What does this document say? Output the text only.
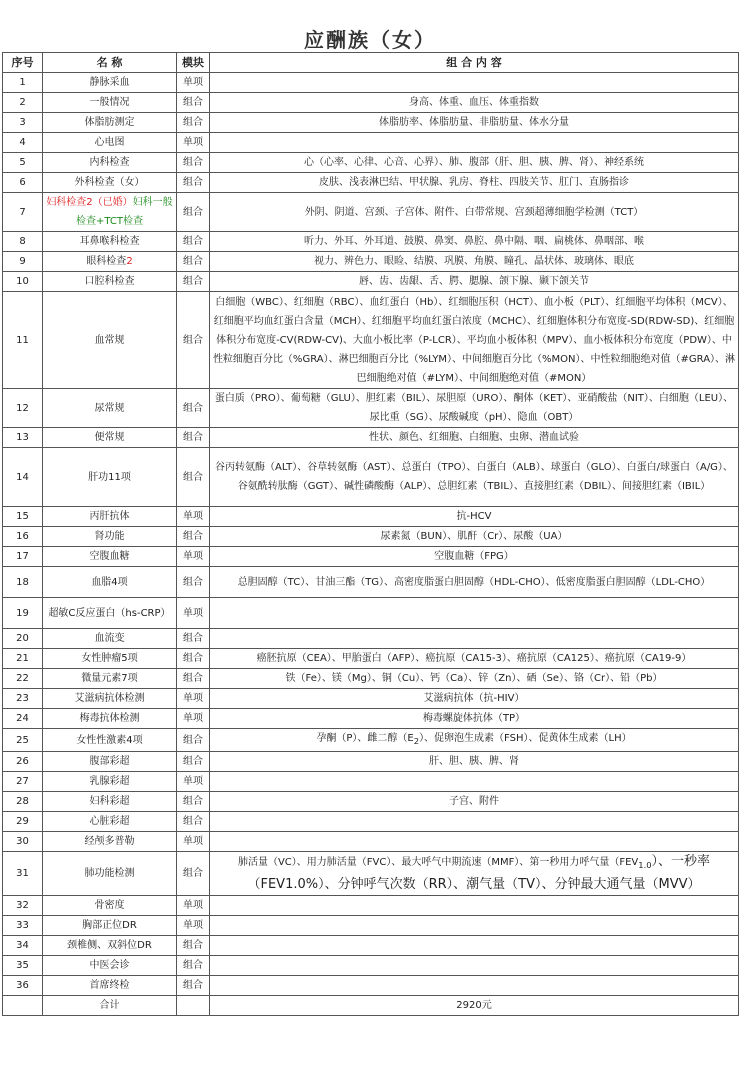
应酬族（女）
序号	名 称	模块	组 合 内 容
1	静脉采血	单项	
2	一般情况	组合	身高、体重、血压、体重指数
3	体脂肪测定	组合	体脂肪率、体脂肪量、非脂肪量、体水分量
4	心电图	单项	
5	内科检查	组合	心（心率、心律、心音、心界）、肺、腹部（肝、胆、胰、脾、肾）、神经系统
6	外科检查（女）	组合	皮肤、浅表淋巴结、甲状腺、乳房、脊柱、四肢关节、肛门、直肠指诊
7	妇科检查2（已婚）妇科一般检查+TCT检查	组合	外阴、阴道、宫颈、子宫体、附件、白带常规、宫颈超薄细胞学检测（TCT）
8	耳鼻喉科检查	组合	听力、外耳、外耳道、鼓膜、鼻窦、鼻腔、鼻中隔、咽、扁桃体、鼻咽部、喉
9	眼科检查2	组合	视力、辨色力、眼睑、结膜、巩膜、角膜、瞳孔、晶状体、玻璃体、眼底
10	口腔科检查	组合	唇、齿、齿龈、舌、腭、腮腺、颌下腺、颞下颌关节
11	血常规	组合	白细胞（WBC）、红细胞（RBC）、血红蛋白（Hb）、红细胞压积（HCT）、血小板（PLT）、红细胞平均体积（MCV）、红细胞平均血红蛋白含量（MCH）、红细胞平均血红蛋白浓度（MCHC）、红细胞体积分布宽度-SD(RDW-SD)、红细胞体积分布宽度-CV(RDW-CV)、大血小板比率（P-LCR）、平均血小板体积（MPV）、血小板体积分布宽度（PDW）、中性粒细胞百分比（%GRA）、淋巴细胞百分比（%LYM）、中间细胞百分比（%MON）、中性粒细胞绝对值（#GRA）、淋巴细胞绝对值（#LYM）、中间细胞绝对值（#MON）
12	尿常规	组合	蛋白质（PRO）、葡萄糖（GLU）、胆红素（BIL）、尿胆原（URO）、酮体（KET）、亚硝酸盐（NIT）、白细胞（LEU）、尿比重（SG）、尿酸碱度（pH）、隐血（OBT）
13	便常规	组合	性状、颜色、红细胞、白细胞、虫卵、潜血试验
14	肝功11项	组合	谷丙转氨酶（ALT）、谷草转氨酶（AST）、总蛋白（TPO）、白蛋白（ALB）、球蛋白（GLO）、白蛋白/球蛋白（A/G）、谷氨酰转肽酶（GGT）、碱性磷酸酶（ALP）、总胆红素（TBIL）、直接胆红素（DBIL）、间接胆红素（IBIL）
15	丙肝抗体	单项	抗-HCV
16	肾功能	组合	尿素氮（BUN）、肌酐（Cr）、尿酸（UA）
17	空腹血糖	单项	空腹血糖（FPG）
18	血脂4项	组合	总胆固醇（TC）、甘油三酯（TG）、高密度脂蛋白胆固醇（HDL-CHO）、低密度脂蛋白胆固醇（LDL-CHO）
19	超敏C反应蛋白（hs-CRP）	单项	
20	血流变	组合	
21	女性肿瘤5项	组合	癌胚抗原（CEA）、甲胎蛋白（AFP）、癌抗原（CA15-3）、癌抗原（CA125）、癌抗原（CA19-9）
22	微量元素7项	组合	铁（Fe）、镁（Mg）、铜（Cu）、钙（Ca）、锌（Zn）、硒（Se）、铬（Cr）、铅（Pb）
23	艾滋病抗体检测	单项	艾滋病抗体（抗-HIV）
24	梅毒抗体检测	单项	梅毒螺旋体抗体（TP）
25	女性性激素4项	组合	孕酮（P）、雌二醇$(E_2)$、促卵泡生成素（FSH）、促黄体生成素（LH）
26	腹部彩超	组合	肝、胆、胰、脾、肾
27	乳腺彩超	单项	
28	妇科彩超	组合	子宫、附件
29	心脏彩超	组合	
30	经颅多普勒	单项	
31	肺功能检测	组合	肺活量（VC）、用力肺活量（FVC）、最大呼气中期流速（MMF）、第一秒用力呼气量$(FEV_{1.0})$、一秒率（FEV1.0%）、分钟呼气次数（RR）、潮气量（TV）、分钟最大通气量（MVV）
32	骨密度	单项	
33	胸部正位DR	单项	
34	颈椎侧、双斜位DR	组合	
35	中医会诊	组合	
36	首席终检	组合	
	合计		2920元
